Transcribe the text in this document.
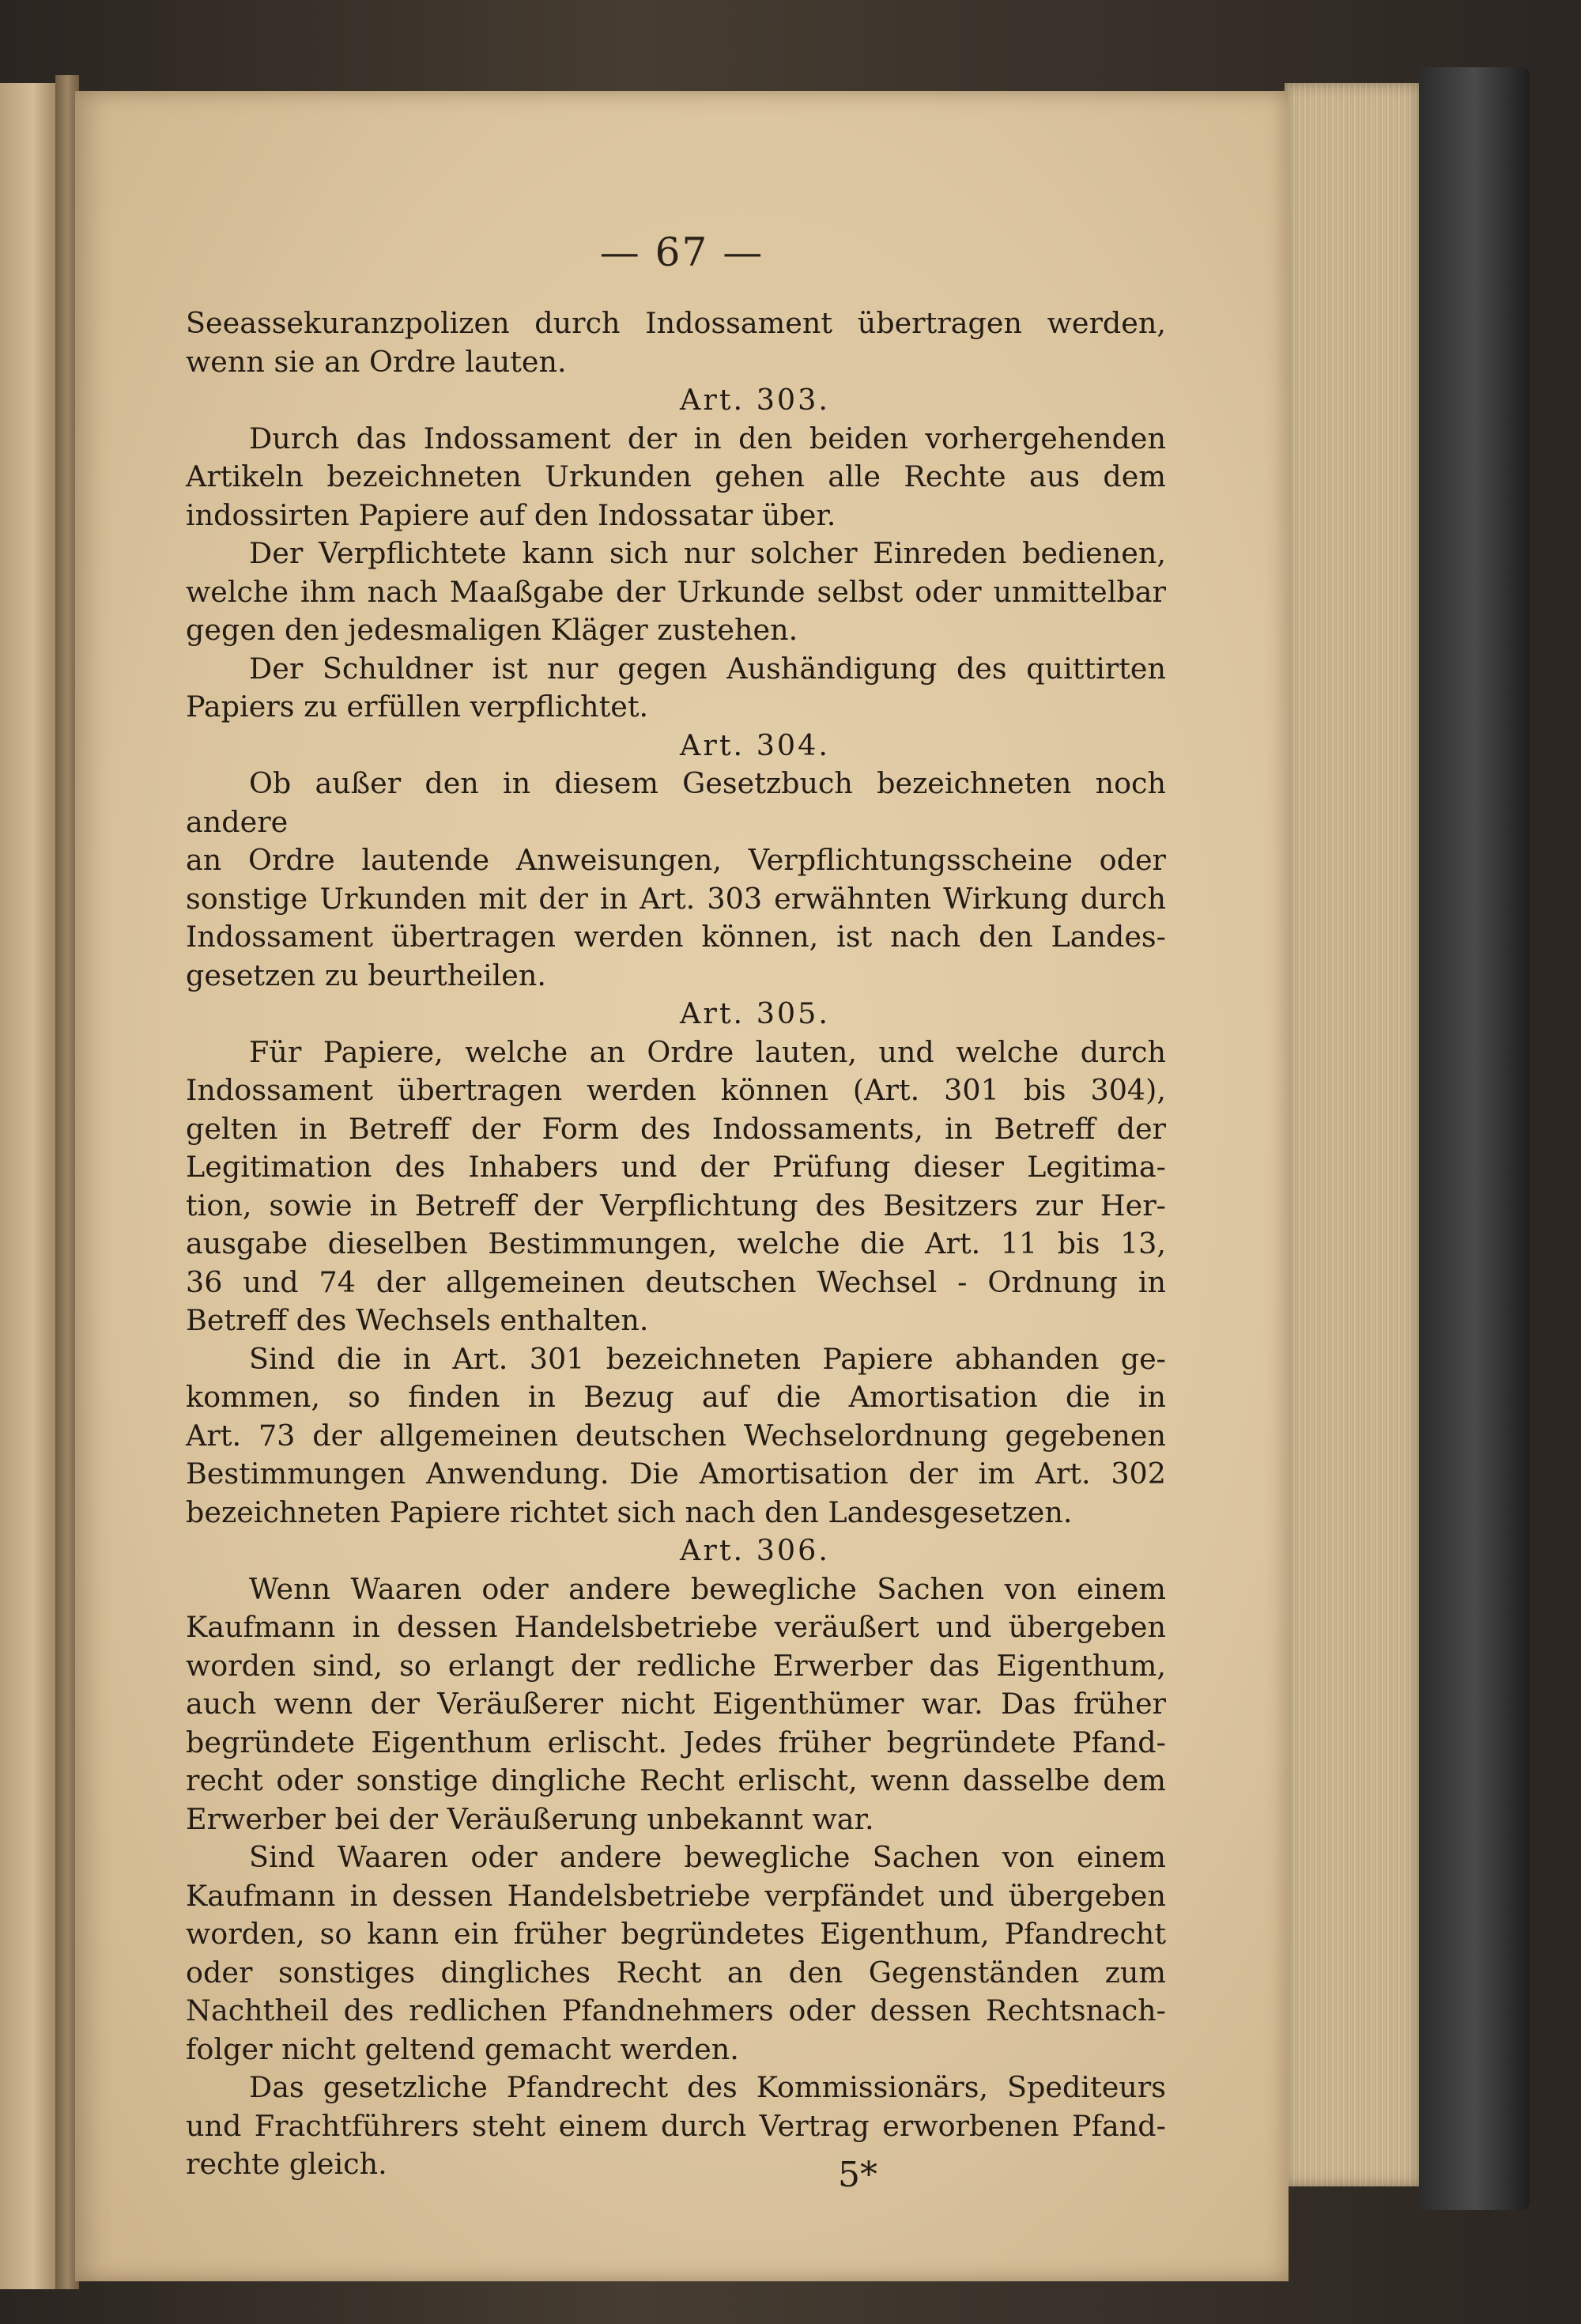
— 67 —
Seeassekuranzpolizen durch Indossament übertragen werden,
wenn sie an Ordre lauten.
Art. 303.
Durch das Indossament der in den beiden vorhergehenden
Artikeln bezeichneten Urkunden gehen alle Rechte aus dem
indossirten Papiere auf den Indossatar über.
Der Verpflichtete kann sich nur solcher Einreden bedienen,
welche ihm nach Maaßgabe der Urkunde selbst oder unmittelbar
gegen den jedesmaligen Kläger zustehen.
Der Schuldner ist nur gegen Aushändigung des quittirten
Papiers zu erfüllen verpflichtet.
Art. 304.
Ob außer den in diesem Gesetzbuch bezeichneten noch andere
an Ordre lautende Anweisungen, Verpflichtungsscheine oder
sonstige Urkunden mit der in Art. 303 erwähnten Wirkung durch
Indossament übertragen werden können, ist nach den Landes-
gesetzen zu beurtheilen.
Art. 305.
Für Papiere, welche an Ordre lauten, und welche durch
Indossament übertragen werden können (Art. 301 bis 304),
gelten in Betreff der Form des Indossaments, in Betreff der
Legitimation des Inhabers und der Prüfung dieser Legitima-
tion, sowie in Betreff der Verpflichtung des Besitzers zur Her-
ausgabe dieselben Bestimmungen, welche die Art. 11 bis 13,
36 und 74 der allgemeinen deutschen Wechsel - Ordnung in
Betreff des Wechsels enthalten.
Sind die in Art. 301 bezeichneten Papiere abhanden ge-
kommen, so finden in Bezug auf die Amortisation die in
Art. 73 der allgemeinen deutschen Wechselordnung gegebenen
Bestimmungen Anwendung. Die Amortisation der im Art. 302
bezeichneten Papiere richtet sich nach den Landesgesetzen.
Art. 306.
Wenn Waaren oder andere bewegliche Sachen von einem
Kaufmann in dessen Handelsbetriebe veräußert und übergeben
worden sind, so erlangt der redliche Erwerber das Eigenthum,
auch wenn der Veräußerer nicht Eigenthümer war. Das früher
begründete Eigenthum erlischt. Jedes früher begründete Pfand-
recht oder sonstige dingliche Recht erlischt, wenn dasselbe dem
Erwerber bei der Veräußerung unbekannt war.
Sind Waaren oder andere bewegliche Sachen von einem
Kaufmann in dessen Handelsbetriebe verpfändet und übergeben
worden, so kann ein früher begründetes Eigenthum, Pfandrecht
oder sonstiges dingliches Recht an den Gegenständen zum
Nachtheil des redlichen Pfandnehmers oder dessen Rechtsnach-
folger nicht geltend gemacht werden.
Das gesetzliche Pfandrecht des Kommissionärs, Spediteurs
und Frachtführers steht einem durch Vertrag erworbenen Pfand-
rechte gleich.	5*
